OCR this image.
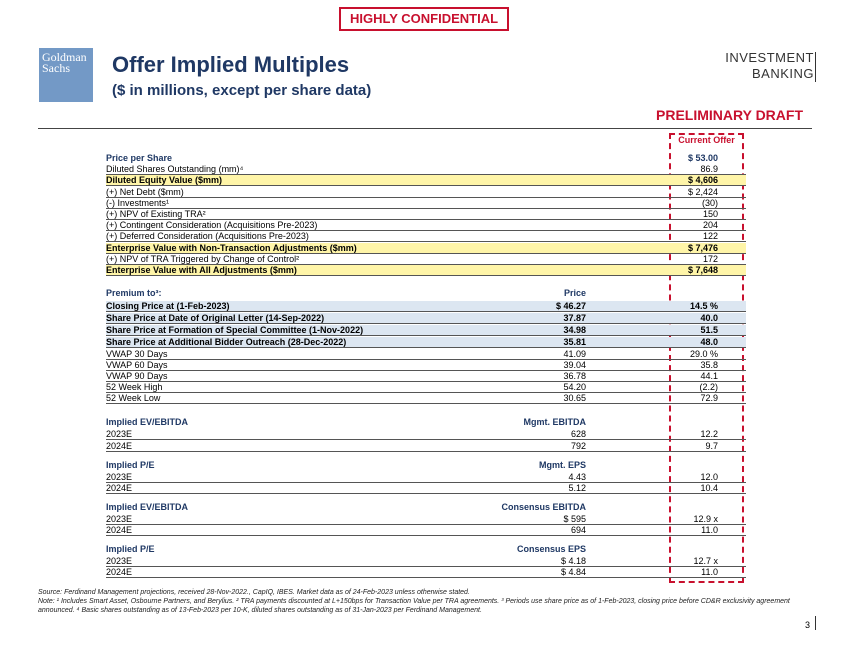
HIGHLY CONFIDENTIAL
Goldman
Sachs	Offer Implied Multiples
($ in millions, except per share data)
INVESTMENT
BANKING
PRELIMINARY DRAFT
Current Offer
Price per Share	$ 53.00
Diluted Shares Outstanding (mm)⁴	86.9
Diluted Equity Value ($mm)	$ 4,606
(+) Net Debt ($mm)	$ 2,424
(-) Investments¹	(30)
(+) NPV of Existing TRA²	150
(+) Contingent Consideration (Acquisitions Pre-2023)	204
(+) Deferred Consideration (Acquisitions Pre-2023)	122
Enterprise Value with Non-Transaction Adjustments ($mm)	$ 7,476
(+) NPV of TRA Triggered by Change of Control²	172
Enterprise Value with All Adjustments ($mm)	$ 7,648
Premium to³:	Price
Closing Price at (1-Feb-2023)	$ 46.27	14.5 %
Share Price at Date of Original Letter (14-Sep-2022)	37.87	40.0
Share Price at Formation of Special Committee (1-Nov-2022)	34.98	51.5
Share Price at Additional Bidder Outreach (28-Dec-2022)	35.81	48.0
VWAP 30 Days	41.09	29.0 %
VWAP 60 Days	39.04	35.8
VWAP 90 Days	36.78	44.1
52 Week High	54.20	(2.2)
52 Week Low	30.65	72.9
Implied EV/EBITDA	Mgmt. EBITDA
2023E	628	12.2
2024E	792	9.7
Implied P/E	Mgmt. EPS
2023E	4.43	12.0
2024E	5.12	10.4
Implied EV/EBITDA	Consensus EBITDA
2023E	$ 595	12.9 x
2024E	694	11.0
Implied P/E	Consensus EPS
2023E	$ 4.18	12.7 x
2024E	$ 4.84	11.0
Source: Ferdinand Management projections, received 28-Nov-2022., CapIQ, IBES. Market data as of 24-Feb-2023 unless otherwise stated.
Note: ¹ Includes Smart Asset, Osbourne Partners, and Berylius. ² TRA payments discounted at L+150bps for Transaction Value per TRA agreements. ³ Periods use share price as of 1-Feb-2023, closing price before CD&R exclusivity agreement announced. ⁴ Basic shares outstanding as of 13-Feb-2023 per 10-K, diluted shares outstanding as of 31-Jan-2023 per Ferdinand Management.
3
